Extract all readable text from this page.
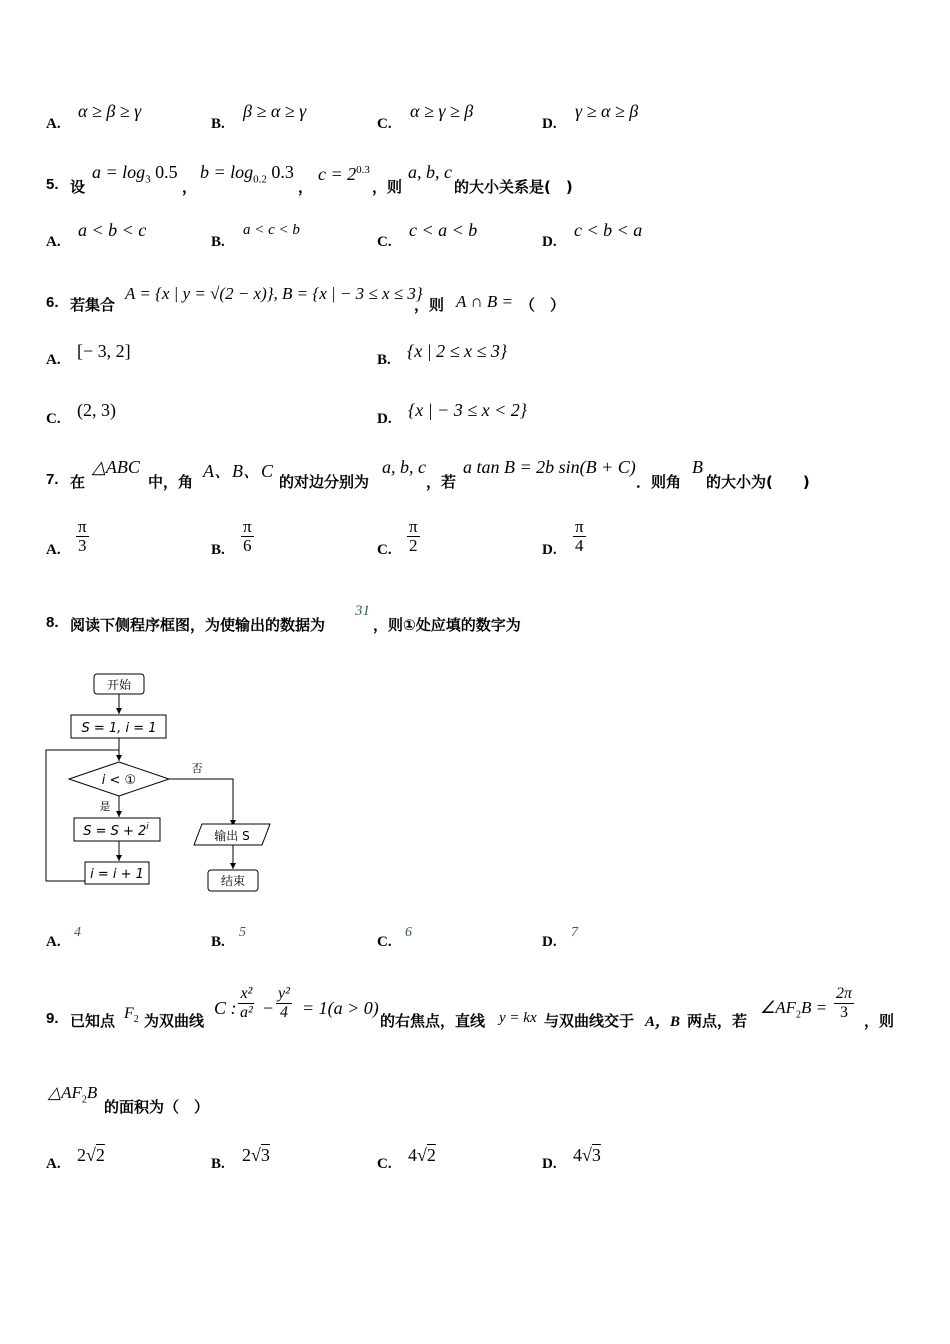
A.
α ≥ β ≥ γ
B.
β ≥ α ≥ γ
C.
α ≥ γ ≥ β
D.
γ ≥ α ≥ β
5. 设
$a = \log_3 0.5$
，
$b = \log_{0.2} 0.3$
，
$c = 2^{0.3}$
，则
a, b, c
的大小关系是(　)
A.
a < b < c
B.
a < c < b
C.
c < a < b
D.
c < b < a
6. 若集合
A = {x | y = √(2 − x)}, B = {x | − 3 ≤ x ≤ 3}
，则 A ∩ B = （　）
A. [− 3, 2]	B. {x | 2 ≤ x ≤ 3}
C. (2, 3)	D. {x | − 3 ≤ x < 2}
7. 在
△ABC
中，角
A、B、C
的对边分别为
a, b, c
，若
a tan B = 2b sin(B + C)
．则角
B
的大小为(　　)
A. $\frac{\pi}{3}$	B. $\frac{\pi}{6}$	C. $\frac{\pi}{2}$	D. $\frac{\pi}{4}$
8. 阅读下侧程序框图，为使输出的数据为
31
，则①处应填的数字为
开始
S = 1, i = 1
i < ①
否
是
$S = S + 2^i$
i = i + 1
输出 S
结束
A.
4
B.
5
C.
6
D.
7
9. 已知点 $F_2$ 为双曲线
C : $\frac{\text{x²}}{\text{a²}} - \frac{\text{y²}}{4} = 1(a > 0)$
的右焦点，直线 y = kx 与双曲线交于 A，B 两点，若
$\angle AF_2B = \frac{2\pi}{3}$ ，则
$\triangle AF_2B$
的面积为（　）
A. 2√2	B. 2√3	C. 4√2	D. 4√3
